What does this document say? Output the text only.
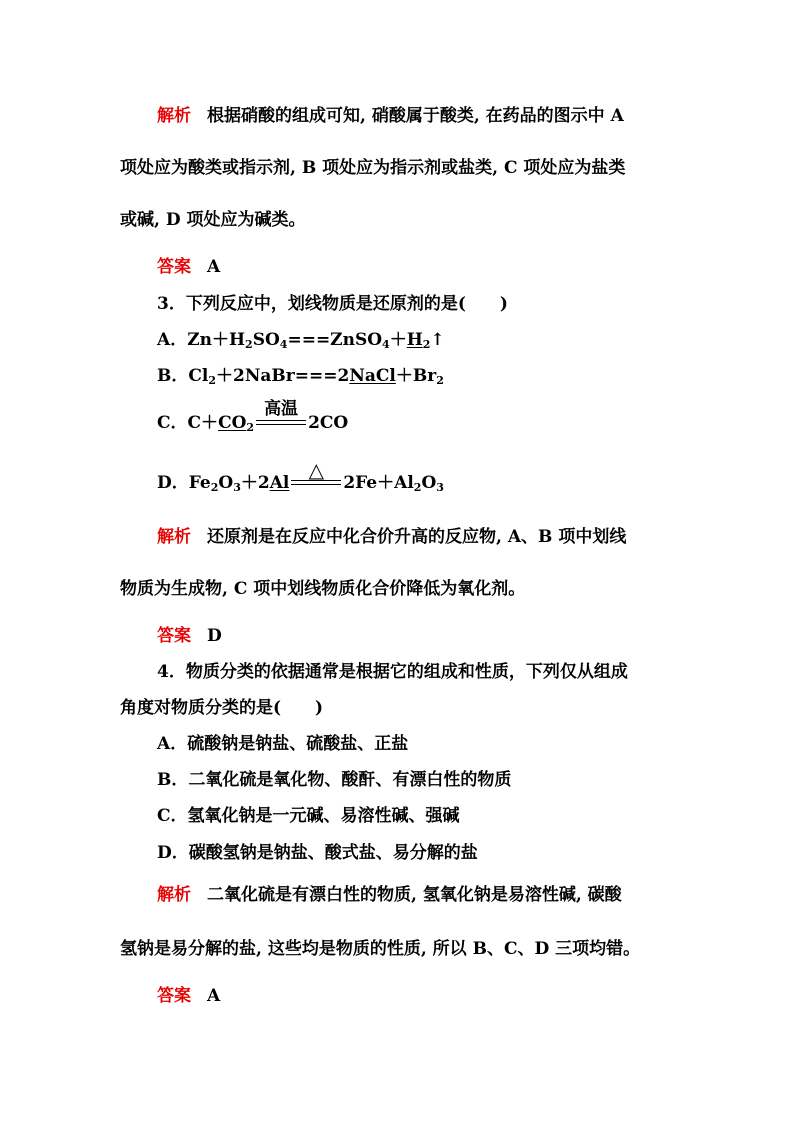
解析 根据硝酸的组成可知, 硝酸属于酸类, 在药品的图示中 A
项处应为酸类或指示剂, B 项处应为指示剂或盐类, C 项处应为盐类
或碱, D 项处应为碱类。
答案 A
3．下列反应中，划线物质是还原剂的是(　　)
A．$Zn+H_2SO_4===ZnSO_4+H_2↑$
B．$Cl_2+2NaBr===2NaCl+Br_2$
C．$C+CO_2$
高温
2CO
D．$Fe_2O_3+2Al$
△
$2Fe+Al_2O_3$
解析 还原剂是在反应中化合价升高的反应物, A、B 项中划线
物质为生成物, C 项中划线物质化合价降低为氧化剂。
答案 D
4．物质分类的依据通常是根据它的组成和性质，下列仅从组成
角度对物质分类的是(　　)
A．硫酸钠是钠盐、硫酸盐、正盐
B．二氧化硫是氧化物、酸酐、有漂白性的物质
C．氢氧化钠是一元碱、易溶性碱、强碱
D．碳酸氢钠是钠盐、酸式盐、易分解的盐
解析 二氧化硫是有漂白性的物质, 氢氧化钠是易溶性碱, 碳酸
氢钠是易分解的盐, 这些均是物质的性质, 所以 B、C、D 三项均错。
答案 A
